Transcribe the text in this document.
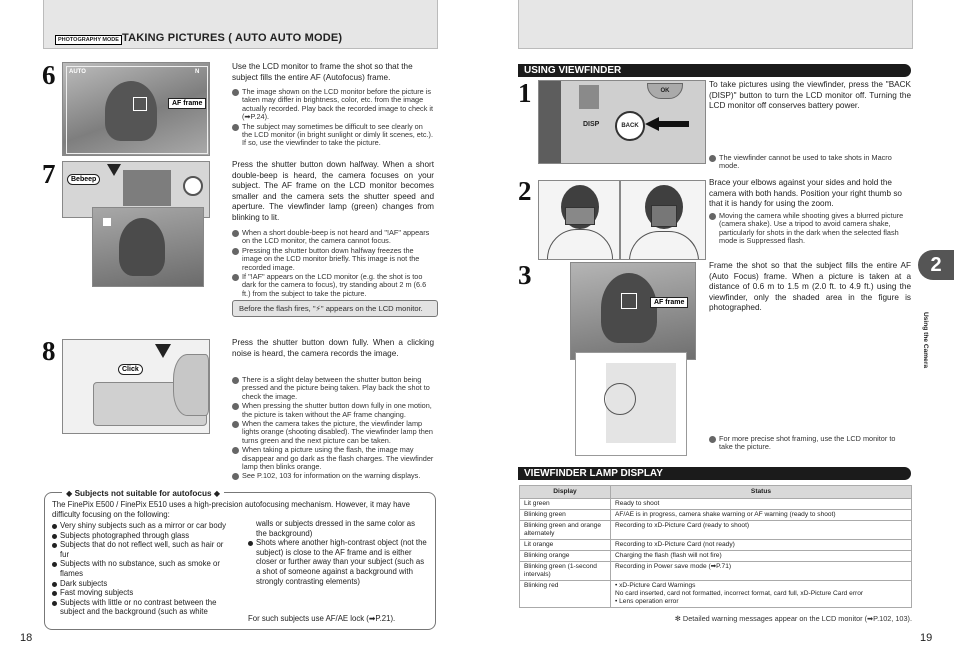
PHOTOGRAPHY MODE TAKING PICTURES ( AUTO AUTO MODE)
6 AUTO	N
AF frame
Use the LCD monitor to frame the shot so that the subject fills the entire AF (Autofocus) frame.
The image shown on the LCD monitor before the picture is taken may differ in brightness, color, etc. from the image actually recorded. Play back the recorded image to check it (➡P.24).
The subject may sometimes be difficult to see clearly on the LCD monitor (in bright sunlight or dimly lit scenes, etc.). If so, use the viewfinder to take the picture.
7	Bebeep
Press the shutter button down halfway. When a short double-beep is heard, the camera focuses on your subject. The AF frame on the LCD monitor becomes smaller and the camera sets the shutter speed and aperture. The viewfinder lamp (green) changes from blinking to lit.
When a short double-beep is not heard and "!AF" appears on the LCD monitor, the camera cannot focus.
Pressing the shutter button down halfway freezes the image on the LCD monitor briefly. This image is not the recorded image.
If "!AF" appears on the LCD monitor (e.g. the shot is too dark for the camera to focus), try standing about 2 m (6.6 ft.) from the subject to take the picture.
Before the flash fires, "⚡" appears on the LCD monitor.
8
Click
Press the shutter button down fully. When a clicking noise is heard, the camera records the image.
There is a slight delay between the shutter button being pressed and the picture being taken. Play back the shot to check the image.
When pressing the shutter button down fully in one motion, the picture is taken without the AF frame changing.
When the camera takes the picture, the viewfinder lamp lights orange (shooting disabled). The viewfinder lamp then turns green and the next picture can be taken.
When taking a picture using the flash, the image may disappear and go dark as the flash charges. The viewfinder lamp then blinks orange.
See P.102, 103 for information on the warning displays.
◆ Subjects not suitable for autofocus ◆
The FinePix E500 / FinePix E510 uses a high-precision autofocusing mechanism. However, it may have difficulty focusing on the following:
Very shiny subjects such as a mirror or car body
Subjects photographed through glass
Subjects that do not reflect well, such as hair or fur
Subjects with no substance, such as smoke or flames
Dark subjects
Fast moving subjects
Subjects with little or no contrast between the subject and the background (such as white
walls or subjects dressed in the same color as the background)
Shots where another high-contrast object (not the subject) is close to the AF frame and is either closer or further away than your subject (such as a shot of someone against a background with strongly contrasting elements)
For such subjects use AF/AE lock (➡P.21).
18
USING VIEWFINDER
1	OK
DISP	BACK
To take pictures using the viewfinder, press the "BACK (DISP)" button to turn the LCD monitor off. Turning the LCD monitor off conserves battery power.
The viewfinder cannot be used to take shots in Macro mode.
2	Brace your elbows against your sides and hold the camera with both hands. Position your right thumb so that it is handy for using the zoom.
Moving the camera while shooting gives a blurred picture (camera shake). Use a tripod to avoid camera shake, particularly for shots in the dark when the selected flash mode is Suppressed flash.
3
AF frame
Frame the shot so that the subject fills the entire AF (Auto Focus) frame. When a picture is taken at a distance of 0.6 m to 1.5 m (2.0 ft. to 4.9 ft.) using the viewfinder, only the shaded area in the figure is photographed.
For more precise shot framing, use the LCD monitor to take the picture.
VIEWFINDER LAMP DISPLAY
Display	Status
Lit green	Ready to shoot
Blinking green	AF/AE is in progress, camera shake warning or AF warning (ready to shoot)
Blinking green and orange alternately	Recording to xD-Picture Card (ready to shoot)
Lit orange	Recording to xD-Picture Card (not ready)
Blinking orange	Charging the flash (flash will not fire)
Blinking green (1-second intervals)	Recording in Power save mode (➡P.71)
Blinking red	• xD-Picture Card Warnings
No card inserted, card not formatted, incorrect format, card full, xD-Picture Card error
• Lens operation error
✻ Detailed warning messages appear on the LCD monitor (➡P.102, 103).
2
Using the Camera
19
